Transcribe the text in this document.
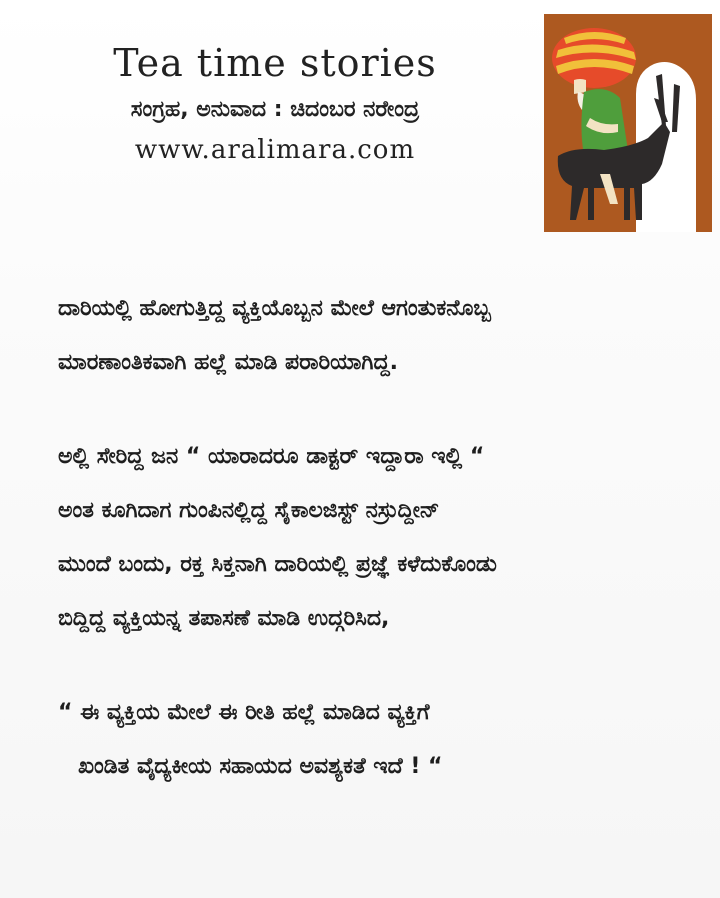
Tea time stories
ಸಂಗ್ರಹ, ಅನುವಾದ : ಚಿದಂಬರ ನರೇಂದ್ರ
www.aralimara.com

ದಾರಿಯಲ್ಲಿ ಹೋಗುತ್ತಿದ್ದ ವ್ಯಕ್ತಿಯೊಬ್ಬನ ಮೇಲೆ ಆಗಂತುಕನೊಬ್ಬ
ಮಾರಣಾಂತಿಕವಾಗಿ ಹಲ್ಲೆ ಮಾಡಿ ಪರಾರಿಯಾಗಿದ್ದ.

ಅಲ್ಲಿ ಸೇರಿದ್ದ ಜನ “ ಯಾರಾದರೂ ಡಾಕ್ಟರ್ ಇದ್ದಾರಾ ಇಲ್ಲಿ “
ಅಂತ ಕೂಗಿದಾಗ ಗುಂಪಿನಲ್ಲಿದ್ದ ಸೈಕಾಲಜಿಸ್ಟ್ ನಸ್ರುದ್ದೀನ್
ಮುಂದೆ ಬಂದು, ರಕ್ತ ಸಿಕ್ತನಾಗಿ ದಾರಿಯಲ್ಲಿ ಪ್ರಜ್ಞೆ ಕಳೆದುಕೊಂಡು
ಬಿದ್ದಿದ್ದ ವ್ಯಕ್ತಿಯನ್ನ ತಪಾಸಣೆ ಮಾಡಿ ಉದ್ಗರಿಸಿದ,

“ ಈ ವ್ಯಕ್ತಿಯ ಮೇಲೆ ಈ ರೀತಿ ಹಲ್ಲೆ ಮಾಡಿದ ವ್ಯಕ್ತಿಗೆ
ಖಂಡಿತ ವೈದ್ಯಕೀಯ ಸಹಾಯದ ಅವಶ್ಯಕತೆ ಇದೆ ! “
